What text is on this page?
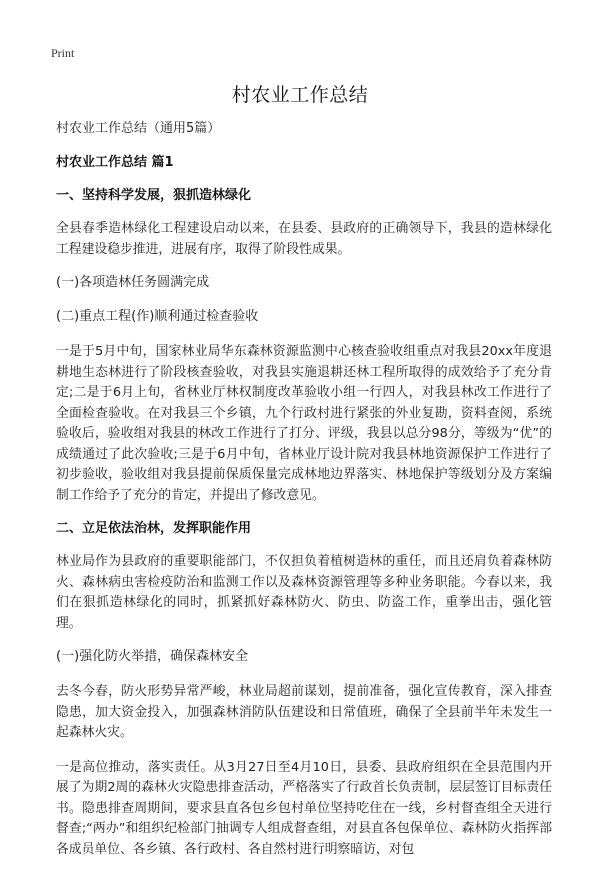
Print
村农业工作总结
村农业工作总结（通用5篇）
村农业工作总结 篇1
一、坚持科学发展，狠抓造林绿化
全县春季造林绿化工程建设启动以来，在县委、县政府的正确领导下，我县的造林绿化工程建设稳步推进，进展有序，取得了阶段性成果。
(一)各项造林任务圆满完成
(二)重点工程(作)顺利通过检查验收
一是于5月中旬，国家林业局华东森林资源监测中心核查验收组重点对我县20xx年度退耕地生态林进行了阶段核查验收，对我县实施退耕还林工程所取得的成效给予了充分肯定;二是于6月上旬，省林业厅林权制度改革验收小组一行四人，对我县林改工作进行了全面检查验收。在对我县三个乡镇，九个行政村进行紧张的外业复勘，资料查阅，系统验收后，验收组对我县的林改工作进行了打分、评级，我县以总分98分，等级为“优”的成绩通过了此次验收;三是于6月中旬，省林业厅设计院对我县林地资源保护工作进行了初步验收，验收组对我县提前保质保量完成林地边界落实、林地保护等级划分及方案编制工作给予了充分的肯定，并提出了修改意见。
二、立足依法治林，发挥职能作用
林业局作为县政府的重要职能部门，不仅担负着植树造林的重任，而且还肩负着森林防火、森林病虫害检疫防治和监测工作以及森林资源管理等多种业务职能。今春以来，我们在狠抓造林绿化的同时，抓紧抓好森林防火、防虫、防盗工作，重拳出击，强化管理。
(一)强化防火举措，确保森林安全
去冬今春，防火形势异常严峻，林业局超前谋划，提前准备，强化宣传教育，深入排查隐患，加大资金投入，加强森林消防队伍建设和日常值班，确保了全县前半年未发生一起森林火灾。
一是高位推动，落实责任。从3月27日至4月10日，县委、县政府组织在全县范围内开展了为期2周的森林火灾隐患排查活动，严格落实了行政首长负责制，层层签订目标责任书。隐患排查周期间，要求县直各包乡包村单位坚持吃住在一线，乡村督查组全天进行督查;“两办”和组织纪检部门抽调专人组成督查组，对县直各包保单位、森林防火指挥部各成员单位、各乡镇、各行政村、各自然村进行明察暗访，对包
